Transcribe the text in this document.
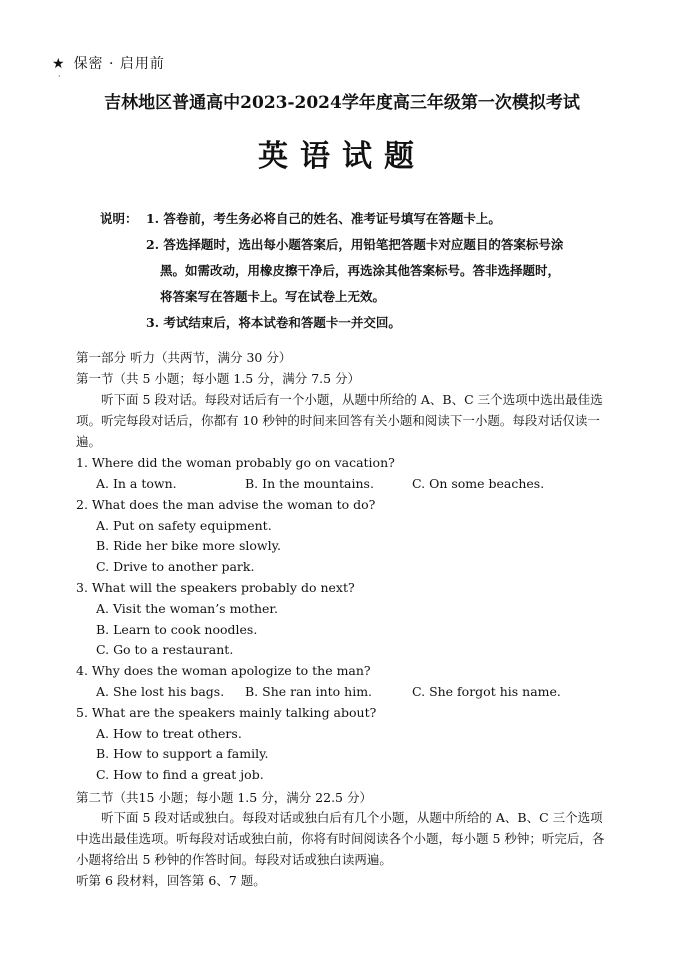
★ 保密 · 启用前
·
吉林地区普通高中2023-2024学年度高三年级第一次模拟考试
英语试题
说明： 1. 答卷前，考生务必将自己的姓名、准考证号填写在答题卡上。
2. 答选择题时，选出每小题答案后，用铅笔把答题卡对应题目的答案标号涂
黑。如需改动，用橡皮擦干净后，再选涂其他答案标号。答非选择题时，
将答案写在答题卡上。写在试卷上无效。
3. 考试结束后，将本试卷和答题卡一并交回。
第一部分 听力（共两节，满分 30 分）
第一节（共 5 小题；每小题 1.5 分，满分 7.5 分）
听下面 5 段对话。每段对话后有一个小题，从题中所给的 A、B、C 三个选项中选出最佳选项。听完每段对话后，你都有 10 秒钟的时间来回答有关小题和阅读下一小题。每段对话仅读一遍。
1. Where did the woman probably go on vacation?
A. In a town.	B. In the mountains.	C. On some beaches.
2. What does the man advise the woman to do?
A. Put on safety equipment.
B. Ride her bike more slowly.
C. Drive to another park.
3. What will the speakers probably do next?
A. Visit the woman’s mother.
B. Learn to cook noodles.
C. Go to a restaurant.
4. Why does the woman apologize to the man?
A. She lost his bags. B. She ran into him.	C. She forgot his name.
5. What are the speakers mainly talking about?
A. How to treat others.
B. How to support a family.
C. How to find a great job.
第二节（共15 小题；每小题 1.5 分，满分 22.5 分）
听下面 5 段对话或独白。每段对话或独白后有几个小题，从题中所给的 A、B、C 三个选项中选出最佳选项。听每段对话或独白前，你将有时间阅读各个小题，每小题 5 秒钟；听完后，各小题将给出 5 秒钟的作答时间。每段对话或独白读两遍。
听第 6 段材料，回答第 6、7 题。
